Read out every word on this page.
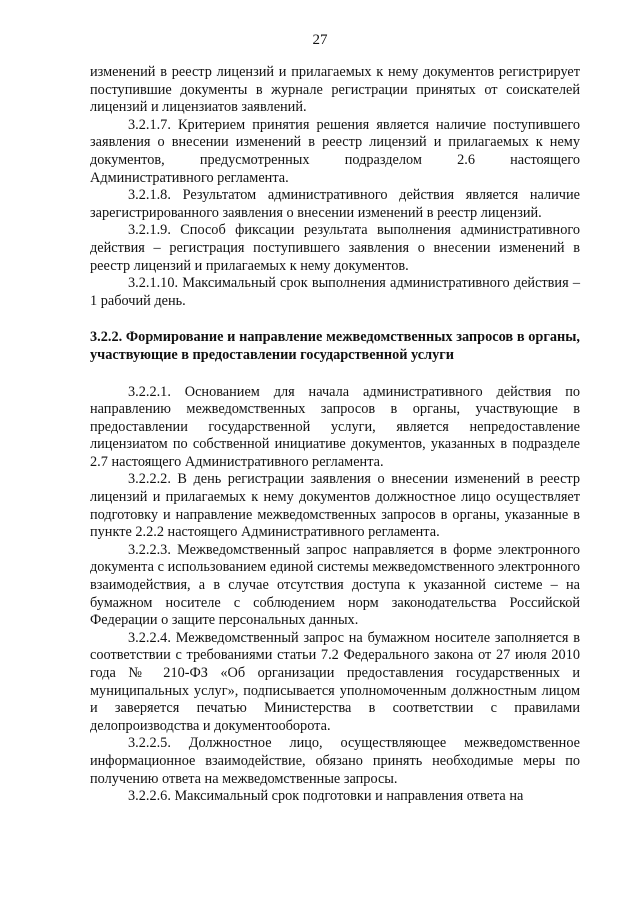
27

изменений в реестр лицензий и прилагаемых к нему документов регистрирует поступившие документы в журнале регистрации принятых от соискателей лицензий и лицензиатов заявлений.

3.2.1.7. Критерием принятия решения является наличие поступившего заявления о внесении изменений в реестр лицензий и прилагаемых к нему документов, предусмотренных подразделом 2.6 настоящего Административного регламента.

3.2.1.8. Результатом административного действия является наличие зарегистрированного заявления о внесении изменений в реестр лицензий.

3.2.1.9. Способ фиксации результата выполнения административного действия – регистрация поступившего заявления о внесении изменений в реестр лицензий и прилагаемых к нему документов.

3.2.1.10. Максимальный срок выполнения административного действия – 1 рабочий день.

3.2.2. Формирование и направление межведомственных запросов в органы, участвующие в предоставлении государственной услуги

3.2.2.1. Основанием для начала административного действия по направлению межведомственных запросов в органы, участвующие в предоставлении государственной услуги, является непредоставление лицензиатом по собственной инициативе документов, указанных в подразделе 2.7 настоящего Административного регламента.

3.2.2.2. В день регистрации заявления о внесении изменений в реестр лицензий и прилагаемых к нему документов должностное лицо осуществляет подготовку и направление межведомственных запросов в органы, указанные в пункте 2.2.2 настоящего Административного регламента.

3.2.2.3. Межведомственный запрос направляется в форме электронного документа с использованием единой системы межведомственного электронного взаимодействия, а в случае отсутствия доступа к указанной системе – на бумажном носителе с соблюдением норм законодательства Российской Федерации о защите персональных данных.

3.2.2.4. Межведомственный запрос на бумажном носителе заполняется в соответствии с требованиями статьи 7.2 Федерального закона от 27 июля 2010 года № 210-ФЗ «Об организации предоставления государственных и муниципальных услуг», подписывается уполномоченным должностным лицом и заверяется печатью Министерства в соответствии с правилами делопроизводства и документооборота.

3.2.2.5. Должностное лицо, осуществляющее межведомственное информационное взаимодействие, обязано принять необходимые меры по получению ответа на межведомственные запросы.

3.2.2.6. Максимальный срок подготовки и направления ответа на
